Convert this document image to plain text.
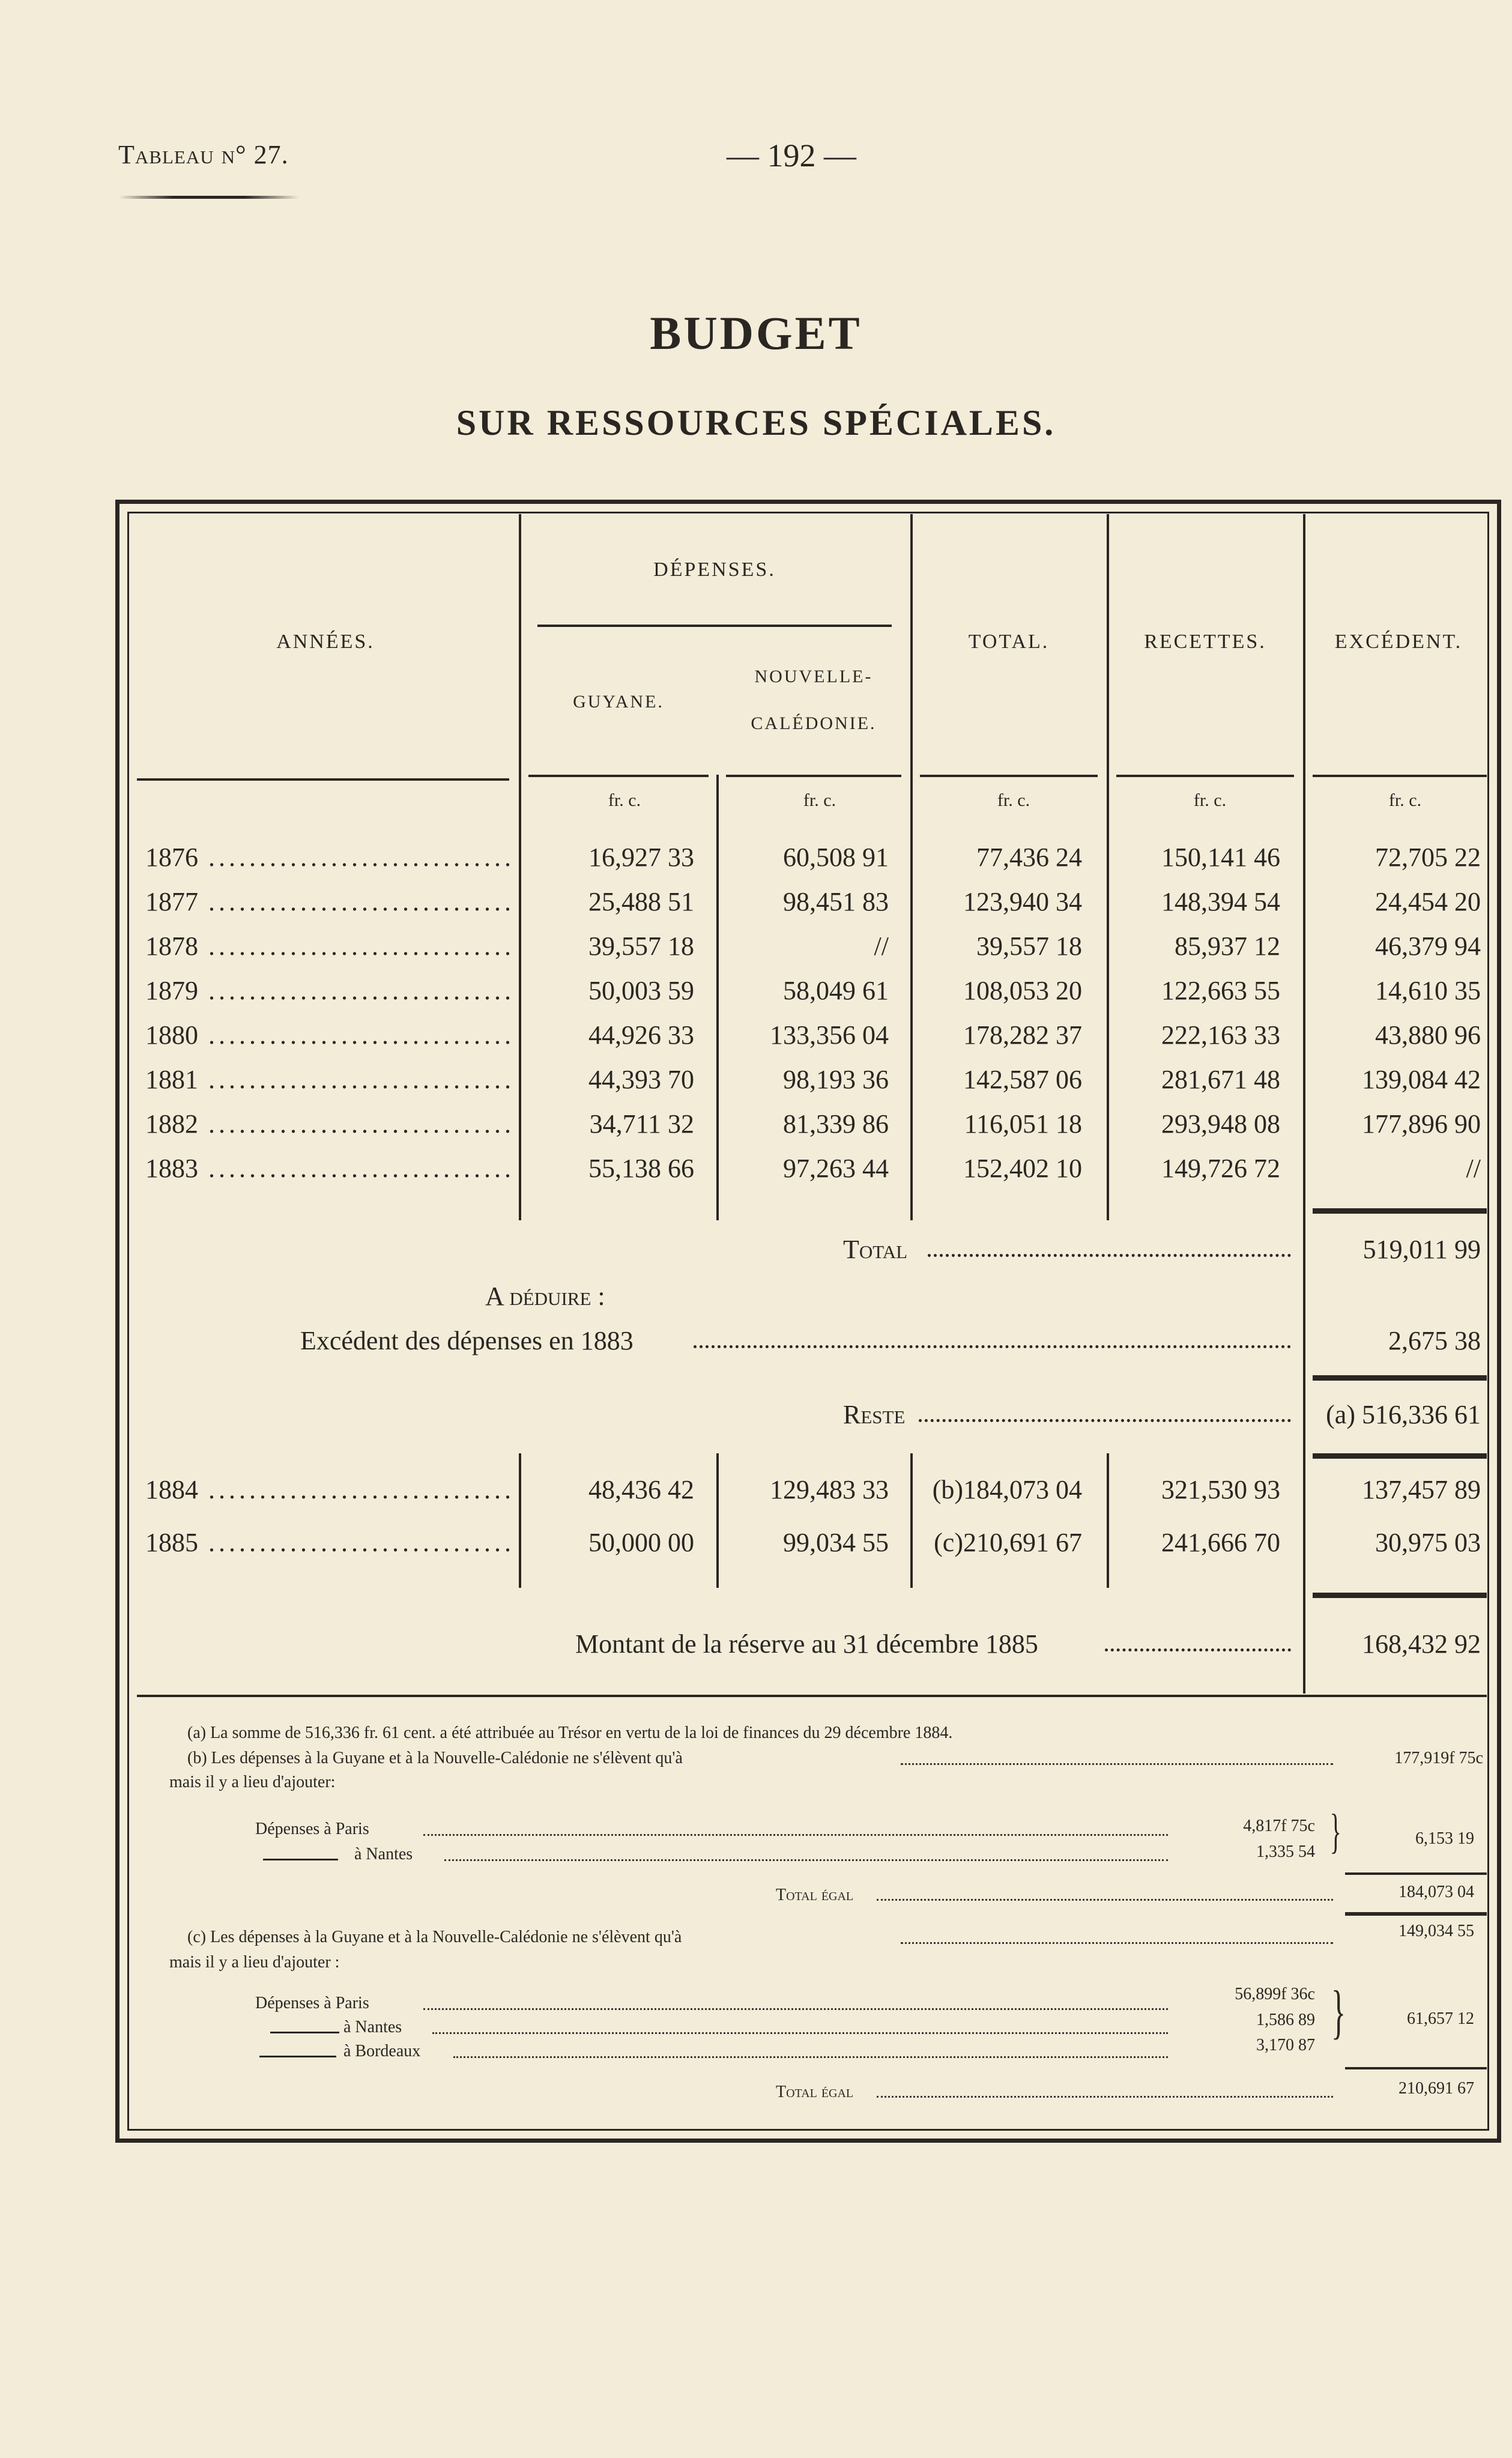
Tableau n° 27.	— 192 —
BUDGET
SUR RESSOURCES SPÉCIALES.
ANNÉES.
DÉPENSES.
GUYANE.
NOUVELLE-
CALÉDONIE.
TOTAL.	RECETTES.	EXCÉDENT.
fr. c.	fr. c.	fr. c.	fr. c.	fr. c.
1876 .....	16,927 33	60,508 91	77,436 24	150,141 46	72,705 22
1877 .....	25,488 51	98,451 83	123,940 34	148,394 54	24,454 20
1878 .....	39,557 18	//	39,557 18	85,937 12	46,379 94
1879 .....	50,003 59	58,049 61	108,053 20	122,663 55	14,610 35
1880 .....	44,926 33	133,356 04	178,282 37	222,163 33	43,880 96
1881 .....	44,393 70	98,193 36	142,587 06	281,671 48	139,084 42
1882 .....	34,711 32	81,339 86	116,051 18	293,948 08	177,896 90
1883 .....	55,138 66	97,263 44	152,402 10	149,726 72	//
Total	519,011 99
A déduire :
Excédent des dépenses en 1883	2,675 38
Reste	(a) 516,336 61
1884 .....	48,436 42	129,483 33	(b)184,073 04	321,530 93	137,457 89
1885 .....	50,000 00	99,034 55	(c)210,691 67	241,666 70	30,975 03
Montant de la réserve au 31 décembre 1885	168,432 92
(a) La somme de 516,336 fr. 61 cent. a été attribuée au Trésor en vertu de la loi de finances du 29 décembre 1884.
(b) Les dépenses à la Guyane et à la Nouvelle-Calédonie ne s'élèvent qu'à	177,919f 75c
mais il y a lieu d'ajouter:
Dépenses à Paris	4,817f 75c
à Nantes	1,335 54 }	6,153 19
Total égal	184,073 04
(c) Les dépenses à la Guyane et à la Nouvelle-Calédonie ne s'élèvent qu'à	149,034 55
mais il y a lieu d'ajouter :
Dépenses à Paris	56,899f 36c
à Nantes	1,586 89
à Bordeaux	3,170 87
}	61,657 12
Total égal	210,691 67
